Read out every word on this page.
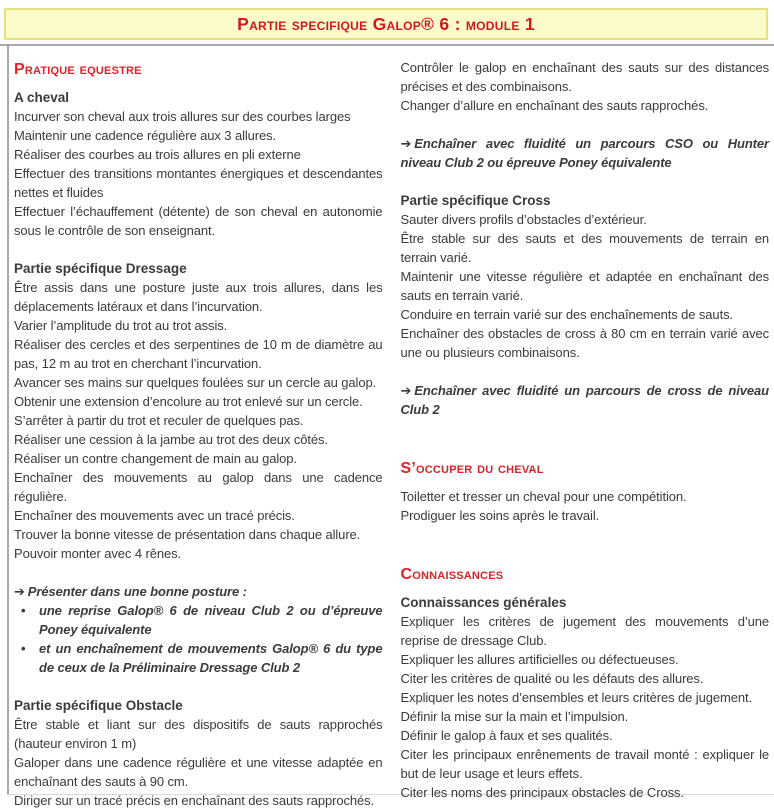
Partie specifique Galop® 6 : module 1
Pratique equestre
A cheval

Incurver son cheval aux trois allures sur des courbes larges

Maintenir une cadence régulière aux 3 allures.

Réaliser des courbes au trois allures en pli externe

Effectuer des transitions montantes énergiques et descendantes nettes et fluides

Effectuer l’échauffement (détente) de son cheval en autonomie sous le contrôle de son enseignant.

Partie spécifique Dressage

Être assis dans une posture juste aux trois allures, dans les déplacements latéraux et dans l’incurvation.

Varier l’amplitude du trot au trot assis.

Réaliser des cercles et des serpentines de 10 m de diamètre au pas, 12 m au trot en cherchant l’incurvation.

Avancer ses mains sur quelques foulées sur un cercle au galop.

Obtenir une extension d’encolure au trot enlevé sur un cercle.

S’arrêter à partir du trot et reculer de quelques pas.

Réaliser une cession à la jambe au trot des deux côtés.

Réaliser un contre changement de main au galop.

Enchaîner des mouvements au galop dans une cadence régulière.

Enchaîner des mouvements avec un tracé précis.

Trouver la bonne vitesse de présentation dans chaque allure.

Pouvoir monter avec 4 rênes.

➔ Présenter dans une bonne posture :

• une reprise Galop® 6 de niveau Club 2 ou d’épreuve Poney équivalente
• et un enchaînement de mouvements Galop® 6 du type de ceux de la Préliminaire Dressage Club 2
Partie spécifique Obstacle

Être stable et liant sur des dispositifs de sauts rapprochés (hauteur environ 1 m)

Galoper dans une cadence régulière et une vitesse adaptée en enchaînant des sauts à 90 cm.

Diriger sur un tracé précis en enchaînant des sauts rapprochés.

Contrôler le galop en enchaînant des sauts sur des distances précises et des combinaisons.

Changer d’allure en enchaînant des sauts rapprochés.

➔ Enchaîner avec fluidité un parcours CSO ou Hunter niveau Club 2 ou épreuve Poney équivalente

Partie spécifique Cross

Sauter divers profils d’obstacles d’extérieur.

Être stable sur des sauts et des mouvements de terrain en terrain varié.

Maintenir une vitesse régulière et adaptée en enchaînant des sauts en terrain varié.

Conduire en terrain varié sur des enchaînements de sauts.

Enchaîner des obstacles de cross à 80 cm en terrain varié avec une ou plusieurs combinaisons.

➔ Enchaîner avec fluidité un parcours de cross de niveau Club 2

S’occuper du cheval

Toiletter et tresser un cheval pour une compétition.

Prodiguer les soins après le travail.

Connaissances
Connaissances générales

Expliquer les critères de jugement des mouvements d’une reprise de dressage Club.

Expliquer les allures artificielles ou défectueuses.

Citer les critères de qualité ou les défauts des allures.

Expliquer les notes d’ensembles et leurs critères de jugement.

Définir la mise sur la main et l’impulsion.

Définir le galop à faux et ses qualités.

Citer les principaux enrênements de travail monté : expliquer le but de leur usage et leurs effets.

Citer les noms des principaux obstacles de Cross.
